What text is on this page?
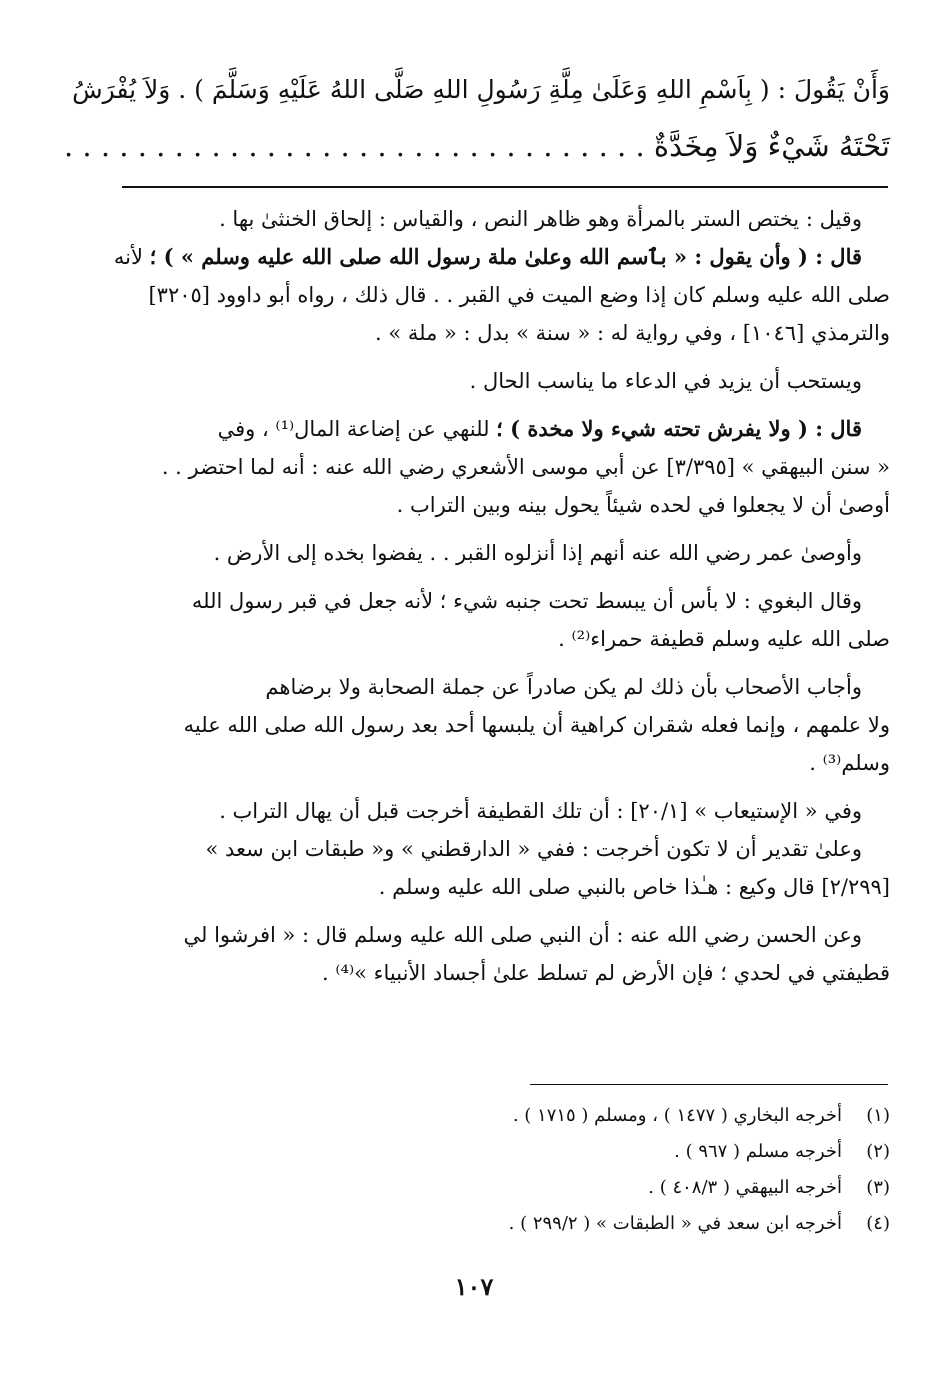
وَأَنْ يَقُولَ : ( بِاَسْمِ اللهِ وَعَلَىٰ مِلَّةِ رَسُولِ اللهِ صَلَّى اللهُ عَلَيْهِ وَسَلَّمَ ) . وَلاَ يُفْرَشُ
تَحْتَهُ شَيْءٌ وَلاَ مِخَدَّةٌ . . . . . . . . . . . . . . . . . . . . . . . . . . . . . . . .

وقيل : يختص الستر بالمرأة وهو ظاهر النص ، والقياس : إلحاق الخنثىٰ بها .

قال : ( وأن يقول : « بٱسم الله وعلىٰ ملة رسول الله صلى الله عليه وسلم » ) ؛ لأنه

صلى الله عليه وسلم كان إذا وضع الميت في القبر . . قال ذلك ، رواه أبو داوود [٣٢٠٥]
والترمذي [١٠٤٦] ، وفي رواية له : « سنة » بدل : « ملة » .

ويستحب أن يزيد في الدعاء ما يناسب الحال .

قال : ( ولا يفرش تحته شيء ولا مخدة ) ؛ للنهي عن إضاعة المال⁽¹⁾ ، وفي

« سنن البيهقي » [٣/٣٩٥] عن أبي موسى الأشعري رضي الله عنه : أنه لما احتضر . .
أوصىٰ أن لا يجعلوا في لحده شيئاً يحول بينه وبين التراب .

وأوصىٰ عمر رضي الله عنه أنهم إذا أنزلوه القبر . . يفضوا بخده إلى الأرض .

وقال البغوي : لا بأس أن يبسط تحت جنبه شيء ؛ لأنه جعل في قبر رسول الله

صلى الله عليه وسلم قطيفة حمراء⁽²⁾ .

وأجاب الأصحاب بأن ذلك لم يكن صادراً عن جملة الصحابة ولا برضاهم

ولا علمهم ، وإنما فعله شقران كراهية أن يلبسها أحد بعد رسول الله صلى الله عليه
وسلم⁽³⁾ .

وفي « الإستيعاب » [٢٠/١] : أن تلك القطيفة أخرجت قبل أن يهال التراب .

وعلىٰ تقدير أن لا تكون أخرجت : ففي « الدارقطني » و« طبقات ابن سعد »

[٢/٢٩٩] قال وكيع : هـٰذا خاص بالنبي صلى الله عليه وسلم .

وعن الحسن رضي الله عنه : أن النبي صلى الله عليه وسلم قال : « افرشوا لي

قطيفتي في لحدي ؛ فإن الأرض لم تسلط علىٰ أجساد الأنبياء »⁽⁴⁾ .

(١)أخرجه البخاري ( ١٤٧٧ ) ، ومسلم ( ١٧١٥ ) .
(٢)أخرجه مسلم ( ٩٦٧ ) .
(٣)أخرجه البيهقي ( ٤٠٨/٣ ) .
(٤)أخرجه ابن سعد في « الطبقات » ( ٢٩٩/٢ ) .
١٠٧
